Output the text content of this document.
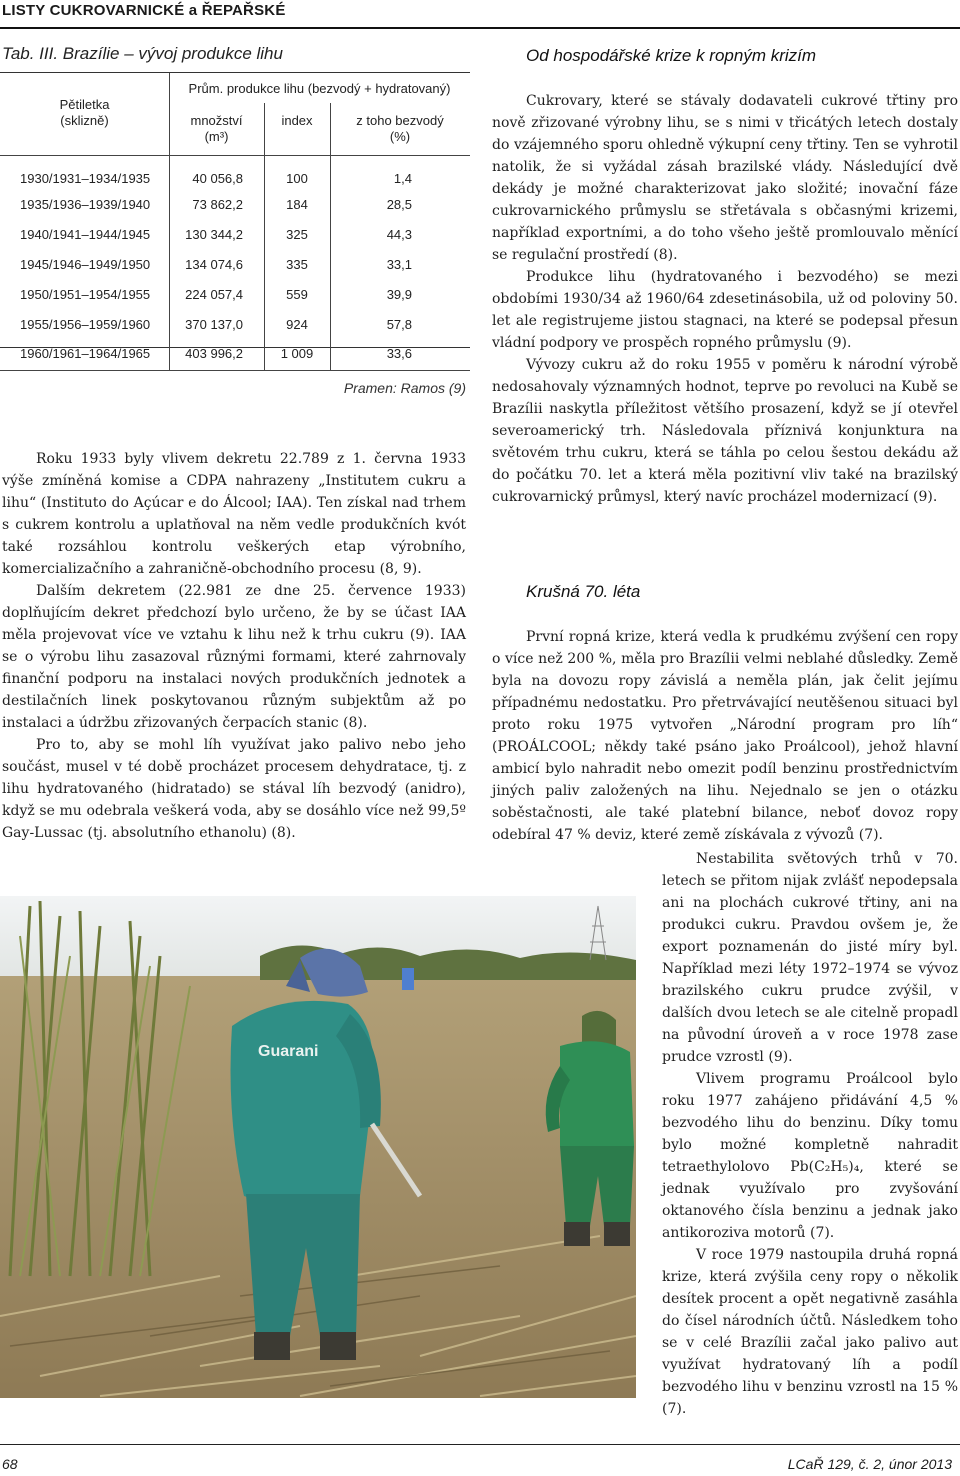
LISTY CUKROVARNICKÉ a ŘEPAŘSKÉ
Tab. III. Brazílie – vývoj produkce lihu
Pětiletka
(sklizně)
Prům. produkce lihu (bezvodý + hydratovaný)
množství
(m³)
index	z toho bezvodý
(%)
1930/1931–1934/1935	40 056,8	100	1,4
1935/1936–1939/1940	73 862,2	184	28,5
1940/1941–1944/1945	130 344,2	325	44,3
1945/1946–1949/1950	134 074,6	335	33,1
1950/1951–1954/1955	224 057,4	559	39,9
1955/1956–1959/1960	370 137,0	924	57,8
1960/1961–1964/1965	403 996,2	1 009	33,6
Pramen: Ramos (9)

Roku 1933 byly vlivem dekretu 22.789 z 1. června 1933 výše zmíněná komise a CDPA nahrazeny „Institutem cukru a lihu“ (Instituto do Açúcar e do Álcool; IAA). Ten získal nad trhem s cukrem kontrolu a uplatňoval na něm vedle produkčních kvót také rozsáhlou kontrolu veškerých etap výrobního, komercializačního a zahraničně-obchodního procesu (8, 9).

Dalším dekretem (22.981 ze dne 25. července 1933) doplňujícím dekret předchozí bylo určeno, že by se účast IAA měla projevovat více ve vztahu k lihu než k trhu cukru (9). IAA se o výrobu lihu zasazoval různými formami, které zahrnovaly finanční podporu na instalaci nových produkčních jednotek a destilačních linek poskytovanou různým subjektům až po instalaci a údržbu zřizovaných čerpacích stanic (8).

Pro to, aby se mohl líh využívat jako palivo nebo jeho součást, musel v té době procházet procesem dehydratace, tj. z lihu hydratovaného (hidratado) se stával líh bezvodý (anidro), když se mu odebrala veškerá voda, aby se dosáhlo více než 99,5º Gay-Lussac (tj. absolutního ethanolu) (8).

Od hospodářské krize k ropným krizím

Cukrovary, které se stávaly dodavateli cukrové třtiny pro nově zřizované výrobny lihu, se s nimi v třicátých letech dostaly do vzájemného sporu ohledně výkupní ceny třtiny. Ten se vyhrotil natolik, že si vyžádal zásah brazilské vlády. Následující dvě dekády je možné charakterizovat jako složité; inovační fáze cukrovarnického průmyslu se střetávala s občasnými krizemi, například exportními, a do toho všeho ještě promlouvalo měnící se regulační prostředí (8).

Produkce lihu (hydratovaného i bezvodého) se mezi obdobími 1930/34 až 1960/64 zdesetinásobila, už od poloviny 50. let ale registrujeme jistou stagnaci, na které se podepsal přesun vládní podpory ve prospěch ropného průmyslu (9).

Vývozy cukru až do roku 1955 v poměru k národní výrobě nedosahovaly významných hodnot, teprve po revoluci na Kubě se Brazílii naskytla příležitost většího prosazení, když se jí otevřel severoamerický trh. Následovala příznivá konjunktura na světovém trhu cukru, která se táhla po celou šestou dekádu až do počátku 70. let a která měla pozitivní vliv také na brazilský cukrovarnický průmysl, který navíc procházel modernizací (9).

Krušná 70. léta

První ropná krize, která vedla k prudkému zvýšení cen ropy o více než 200 %, měla pro Brazílii velmi neblahé důsledky. Země byla na dovozu ropy závislá a neměla plán, jak čelit jejímu případnému nedostatku. Pro přetrvávající neutěšenou situaci byl proto roku 1975 vytvořen „Národní program pro líh“ (PROÁLCOOL; někdy také psáno jako Proálcool), jehož hlavní ambicí bylo nahradit nebo omezit podíl benzinu prostřednictvím jiných paliv založených na lihu. Nejednalo se jen o otázku soběstačnosti, ale také platební bilance, neboť dovoz ropy odebíral 47 % deviz, které země získávala z vývozů (7).

Nestabilita světových trhů v 70. letech se přitom nijak zvlášť nepodepsala ani na plochách cukrové třtiny, ani na produkci cukru. Pravdou ovšem je, že export poznamenán do jisté míry byl. Například mezi léty 1972–1974 se vývoz brazilského cukru prudce zvýšil, v dalších dvou letech se ale citelně propadl na původní úroveň a v roce 1978 zase prudce vzrostl (9).

Vlivem programu Proálcool bylo roku 1977 zahájeno přidávání 4,5 % bezvodého lihu do benzinu. Díky tomu bylo možné kompletně nahradit tetraethylolovo Pb(C₂H₅)₄, které se jednak využívalo pro zvyšování oktanového čísla benzinu a jednak jako antikoroziva motorů (7).

V roce 1979 nastoupila druhá ropná krize, která zvýšila ceny ropy o několik desítek procent a opět negativně zasáhla do čísel národních účtů. Následkem toho se v celé Brazílii začal jako palivo aut využívat hydratovaný líh a podíl bezvodého lihu v benzinu vzrostl na 15 % (7).

Guarani
68	LCaŘ 129, č. 2, únor 2013
